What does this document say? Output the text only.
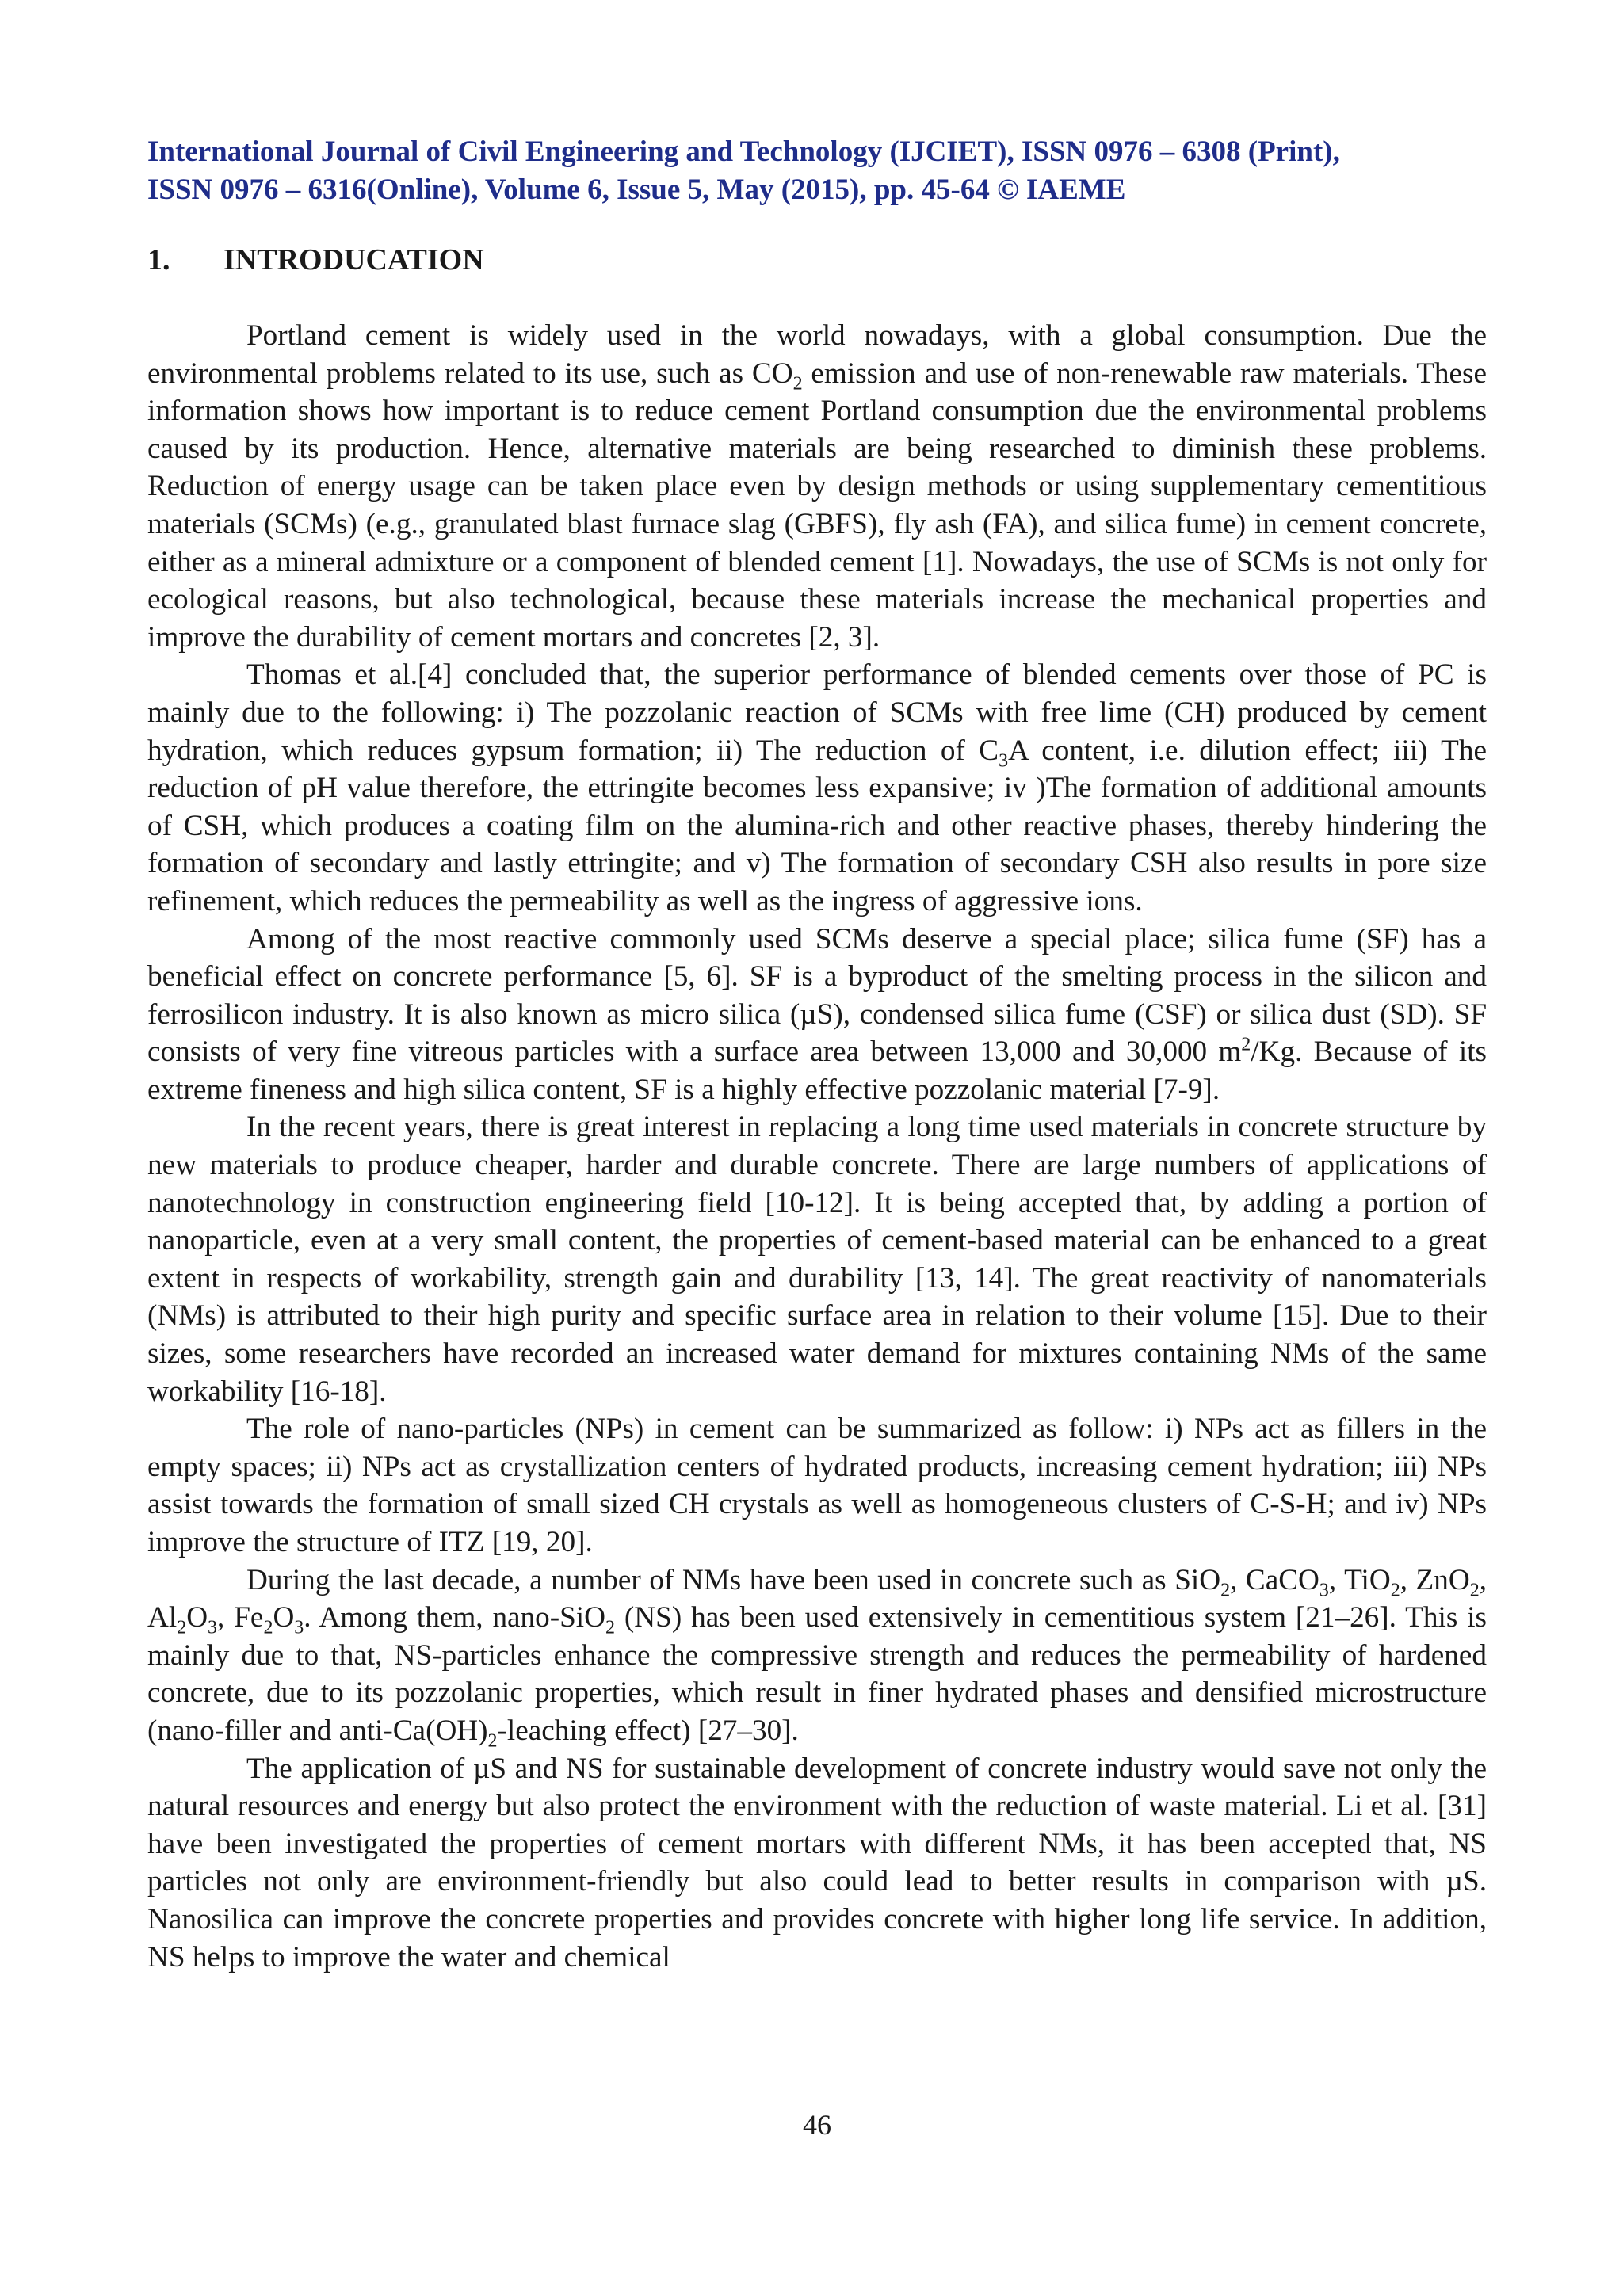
International Journal of Civil Engineering and Technology (IJCIET), ISSN 0976 – 6308 (Print),
ISSN 0976 – 6316(Online), Volume 6, Issue 5, May (2015), pp. 45-64 © IAEME
1. INTRODUCATION

Portland cement is widely used in the world nowadays, with a global consumption. Due the environmental problems related to its use, such as $CO_2$ emission and use of non-renewable raw materials. These information shows how important is to reduce cement Portland consumption due the environmental problems caused by its production. Hence, alternative materials are being researched to diminish these problems. Reduction of energy usage can be taken place even by design methods or using supplementary cementitious materials (SCMs) (e.g., granulated blast furnace slag (GBFS), fly ash (FA), and silica fume) in cement concrete, either as a mineral admixture or a component of blended cement [1]. Nowadays, the use of SCMs is not only for ecological reasons, but also technological, because these materials increase the mechanical properties and improve the durability of cement mortars and concretes [2, 3].

Thomas et al.[4] concluded that, the superior performance of blended cements over those of PC is mainly due to the following: i) The pozzolanic reaction of SCMs with free lime (CH) produced by cement hydration, which reduces gypsum formation; ii) The reduction of $C_3A$ content, i.e. dilution effect; iii) The reduction of pH value therefore, the ettringite becomes less expansive; iv )The formation of additional amounts of CSH, which produces a coating film on the alumina-rich and other reactive phases, thereby hindering the formation of secondary and lastly ettringite; and v) The formation of secondary CSH also results in pore size refinement, which reduces the permeability as well as the ingress of aggressive ions.

Among of the most reactive commonly used SCMs deserve a special place; silica fume (SF) has a beneficial effect on concrete performance [5, 6]. SF is a byproduct of the smelting process in the silicon and ferrosilicon industry. It is also known as micro silica (µS), condensed silica fume (CSF) or silica dust (SD). SF consists of very fine vitreous particles with a surface area between 13,000 and 30,000 $m^2/Kg$. Because of its extreme fineness and high silica content, SF is a highly effective pozzolanic material [7-9].

In the recent years, there is great interest in replacing a long time used materials in concrete structure by new materials to produce cheaper, harder and durable concrete. There are large numbers of applications of nanotechnology in construction engineering field [10-12]. It is being accepted that, by adding a portion of nanoparticle, even at a very small content, the properties of cement-based material can be enhanced to a great extent in respects of workability, strength gain and durability [13, 14]. The great reactivity of nanomaterials (NMs) is attributed to their high purity and specific surface area in relation to their volume [15]. Due to their sizes, some researchers have recorded an increased water demand for mixtures containing NMs of the same workability [16-18].

The role of nano-particles (NPs) in cement can be summarized as follow: i) NPs act as fillers in the empty spaces; ii) NPs act as crystallization centers of hydrated products, increasing cement hydration; iii) NPs assist towards the formation of small sized CH crystals as well as homogeneous clusters of C-S-H; and iv) NPs improve the structure of ITZ [19, 20].

During the last decade, a number of NMs have been used in concrete such as SiO$_2$, CaCO$_3$, TiO$_2$, ZnO$_2$, $Al_2O_3$, $Fe_2O_3$. Among them, nano-SiO$_2$ (NS) has been used extensively in cementitious system [21–26]. This is mainly due to that, NS-particles enhance the compressive strength and reduces the permeability of hardened concrete, due to its pozzolanic properties, which result in finer hydrated phases and densified microstructure (nano-filler and anti-$Ca(OH)_2$-leaching effect) [27–30].

The application of µS and NS for sustainable development of concrete industry would save not only the natural resources and energy but also protect the environment with the reduction of waste material. Li et al. [31] have been investigated the properties of cement mortars with different NMs, it has been accepted that, NS particles not only are environment-friendly but also could lead to better results in comparison with µS. Nanosilica can improve the concrete properties and provides concrete with higher long life service. In addition, NS helps to improve the water and chemical

46
